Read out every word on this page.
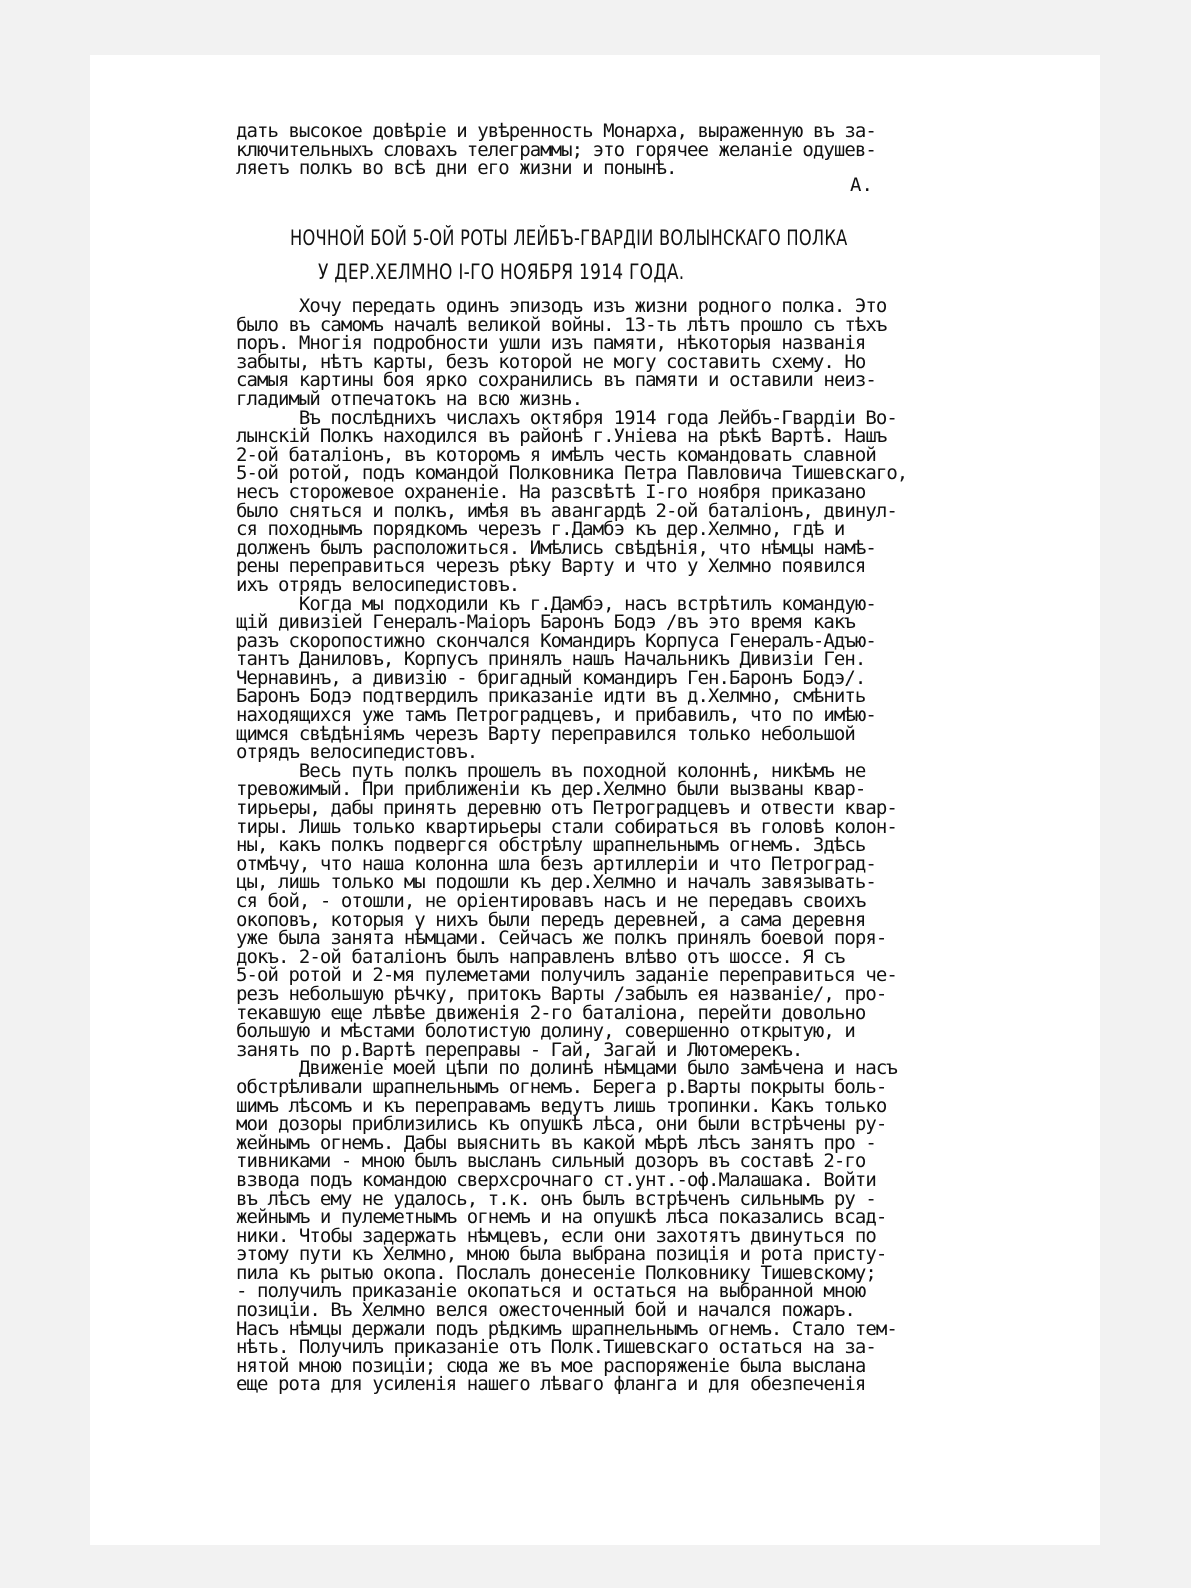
дать высокое довѣріе и увѣренность Монарха, выраженную въ за-
ключительныхъ словахъ телеграммы; это горячее желаніе одушев-
ляетъ полкъ во всѣ дни его жизни и понынѣ.
А.
НОЧНОЙ БОЙ 5-ОЙ РОТЫ ЛЕЙБЪ-ГВАРДІИ ВОЛЫНСКАГО ПОЛКА
У ДЕР.ХЕЛМНО І-ГО НОЯБРЯ 1914 ГОДА.
Хочу передать одинъ эпизодъ изъ жизни родного полка. Это
было въ самомъ началѣ великой войны. 13-ть лѣтъ прошло съ тѣхъ
поръ. Многія подробности ушли изъ памяти, нѣкоторыя названія
забыты, нѣтъ карты, безъ которой не могу составить схему. Но
самыя картины боя ярко сохранились въ памяти и оставили неиз-
гладимый отпечатокъ на всю жизнь.
Въ послѣднихъ числахъ октября 1914 года Лейбъ-Гвардіи Во-
лынскій Полкъ находился въ районѣ г.Уніева на рѣкѣ Вартѣ. Нашъ
2-ой баталіонъ, въ которомъ я имѣлъ честь командовать славной
5-ой ротой, подъ командой Полковника Петра Павловича Тишевскаго,
несъ сторожевое охраненіе. На разсвѣтѣ І-го ноября приказано
было сняться и полкъ, имѣя въ авангардѣ 2-ой баталіонъ, двинул-
ся походнымъ порядкомъ черезъ г.Дамбэ къ дер.Хелмно, гдѣ и
долженъ былъ расположиться. Имѣлись свѣдѣнія, что нѣмцы намѣ-
рены переправиться черезъ рѣку Варту и что у Хелмно появился
ихъ отрядъ велосипедистовъ.
Когда мы подходили къ г.Дамбэ, насъ встрѣтилъ командую-
щій дивизіей Генералъ-Маіоръ Баронъ Бодэ /въ это время какъ
разъ скоропостижно скончался Командиръ Корпуса Генералъ-Адъю-
тантъ Даниловъ, Корпусъ принялъ нашъ Начальникъ Дивизіи Ген.
Чернавинъ, а дивизію - бригадный командиръ Ген.Баронъ Бодэ/.
Баронъ Бодэ подтвердилъ приказаніе идти въ д.Хелмно, смѣнить
находящихся уже тамъ Петроградцевъ, и прибавилъ, что по имѣю-
щимся свѣдѣніямъ черезъ Варту переправился только небольшой
отрядъ велосипедистовъ.
Весь путь полкъ прошелъ въ походной колоннѣ, никѣмъ не
тревожимый. При приближеніи къ дер.Хелмно были вызваны квар-
тирьеры, дабы принять деревню отъ Петроградцевъ и отвести квар-
тиры. Лишь только квартирьеры стали собираться въ головѣ колон-
ны, какъ полкъ подвергся обстрѣлу шрапнельнымъ огнемъ. Здѣсь
отмѣчу, что наша колонна шла безъ артиллеріи и что Петроград-
цы, лишь только мы подошли къ дер.Хелмно и началъ завязывать-
ся бой, - отошли, не оріентировавъ насъ и не передавъ своихъ
окоповъ, которыя у нихъ были передъ деревней, а сама деревня
уже была занята нѣмцами. Сейчасъ же полкъ принялъ боевой поря-
докъ. 2-ой баталіонъ былъ направленъ влѣво отъ шоссе. Я съ
5-ой ротой и 2-мя пулеметами получилъ заданіе переправиться че-
резъ небольшую рѣчку, притокъ Варты /забылъ ея названіе/, про-
текавшую еще лѣвѣе движенія 2-го баталіона, перейти довольно
большую и мѣстами болотистую долину, совершенно открытую, и
занять по р.Вартѣ переправы - Гай, Загай и Лютомерекъ.
Движеніе моей цѣпи по долинѣ нѣмцами было замѣчена и насъ
обстрѣливали шрапнельнымъ огнемъ. Берега р.Варты покрыты боль-
шимъ лѣсомъ и къ переправамъ ведутъ лишь тропинки. Какъ только
мои дозоры приблизились къ опушкѣ лѣса, они были встрѣчены ру-
жейнымъ огнемъ. Дабы выяснить въ какой мѣрѣ лѣсъ занятъ про -
тивниками - мною былъ высланъ сильный дозоръ въ составѣ 2-го
взвода подъ командою сверхсрочнаго ст.унт.-оф.Малашака. Войти
въ лѣсъ ему не удалось, т.к. онъ былъ встрѣченъ сильнымъ ру -
жейнымъ и пулеметнымъ огнемъ и на опушкѣ лѣса показались всад-
ники. Чтобы задержать нѣмцевъ, если они захотятъ двинуться по
этому пути къ Хелмно, мною была выбрана позиція и рота присту-
пила къ рытью окопа. Послалъ донесеніе Полковнику Тишевскому;
- получилъ приказаніе окопаться и остаться на выбранной мною
позиціи. Въ Хелмно велся ожесточенный бой и начался пожаръ.
Насъ нѣмцы держали подъ рѣдкимъ шрапнельнымъ огнемъ. Стало тем-
нѣть. Получилъ приказаніе отъ Полк.Тишевскаго остаться на за-
нятой мною позиціи; сюда же въ мое распоряженіе была выслана
еще рота для усиленія нашего лѣваго фланга и для обезпеченія
